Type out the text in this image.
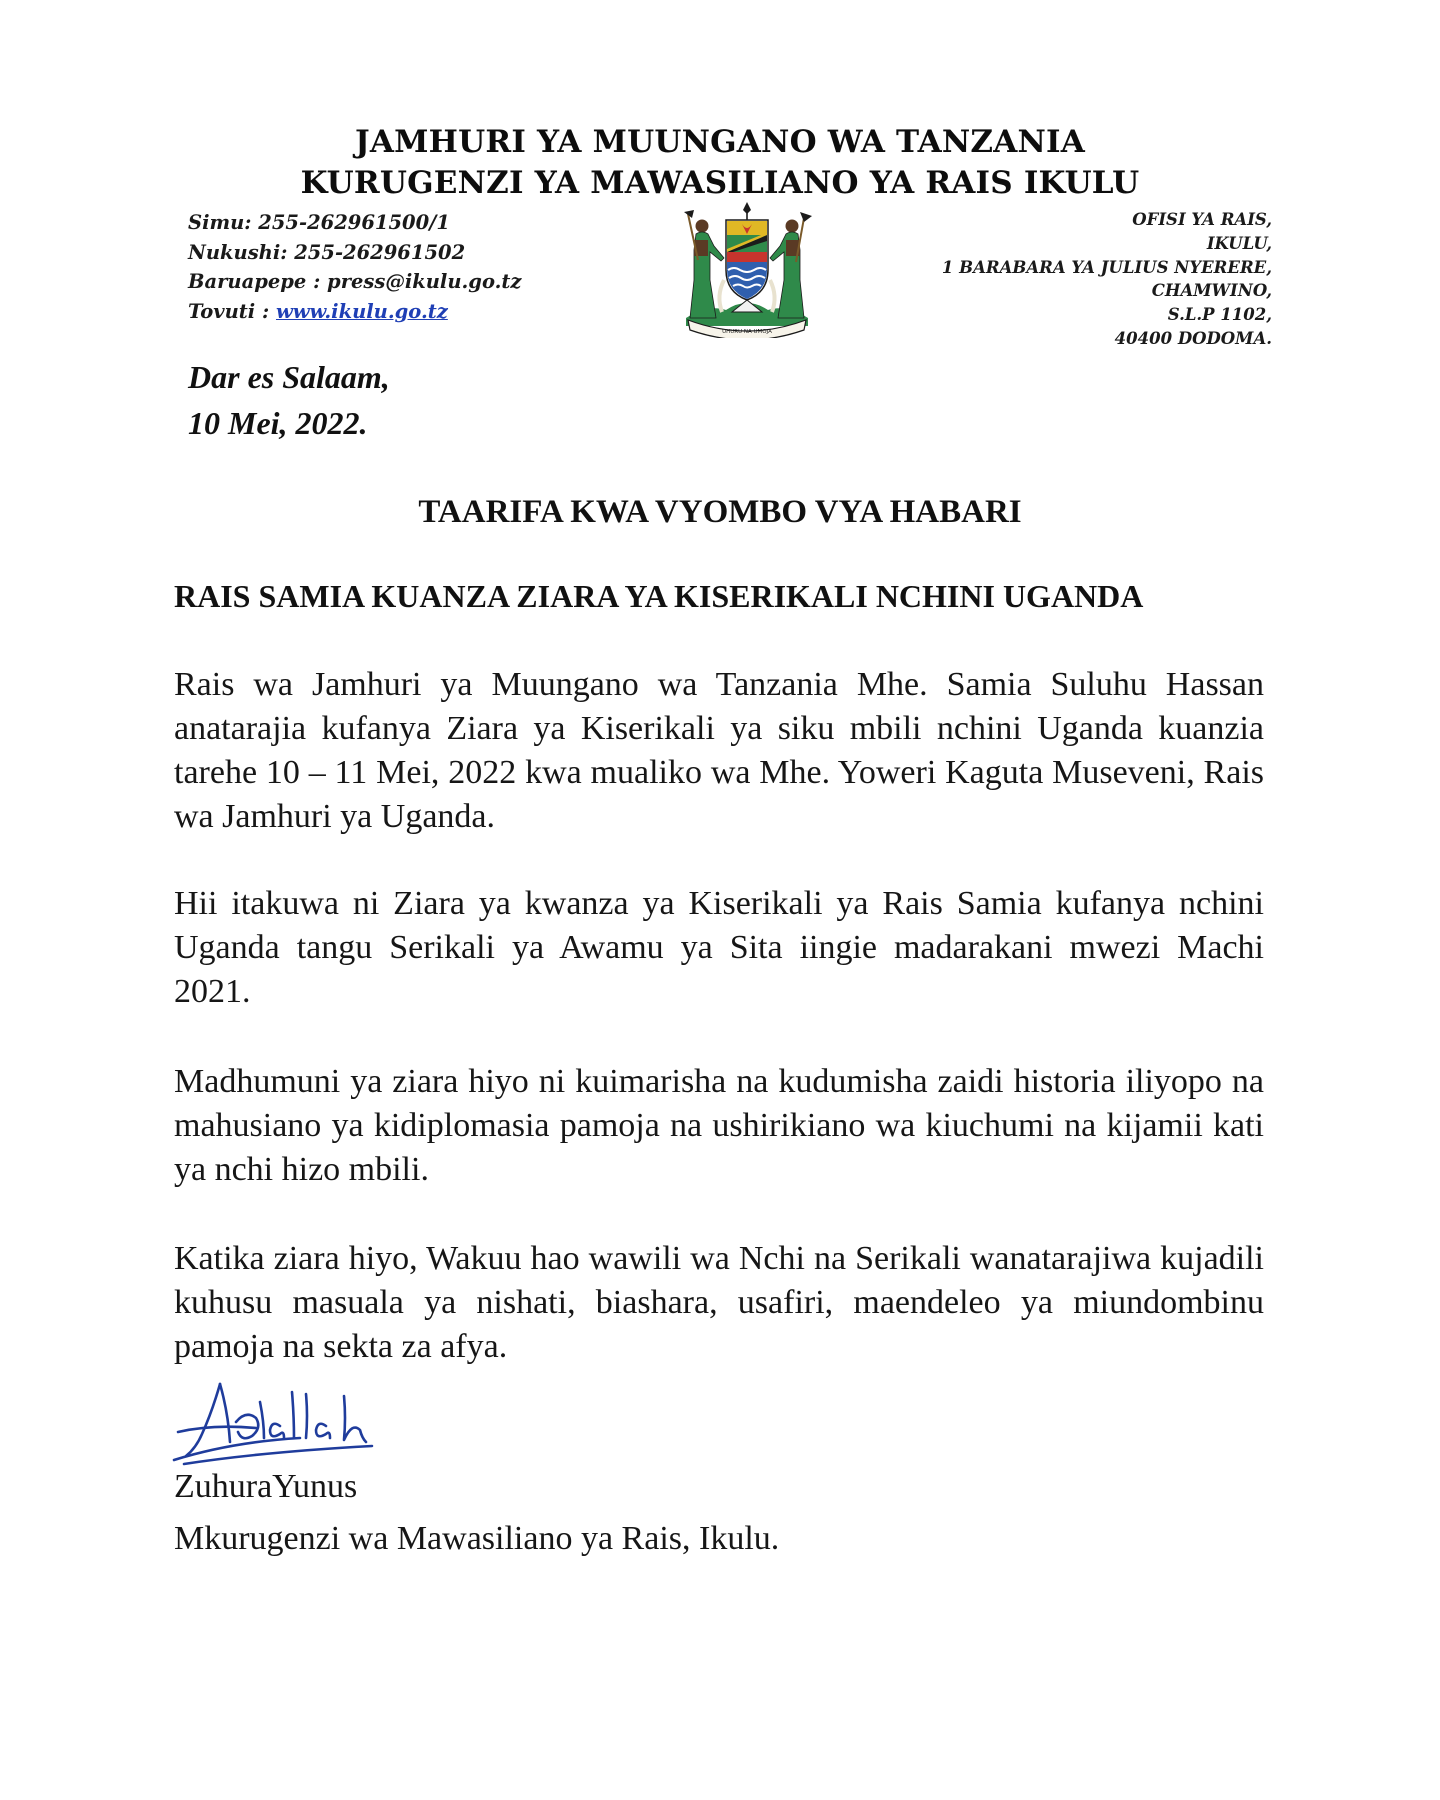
JAMHURI YA MUUNGANO WA TANZANIA
KURUGENZI YA MAWASILIANO YA RAIS IKULU
Simu: 255-262961500/1
Nukushi: 255-262961502
Baruapepe : press@ikulu.go.tz
Tovuti : www.ikulu.go.tz
UHURU NA UMOJA
OFISI YA RAIS,
IKULU,
1 BARABARA YA JULIUS NYERERE,
CHAMWINO,
S.L.P 1102,
40400 DODOMA.
Dar es Salaam,
10 Mei, 2022.
TAARIFA KWA VYOMBO VYA HABARI
RAIS SAMIA KUANZA ZIARA YA KISERIKALI NCHINI UGANDA
Rais wa Jamhuri ya Muungano wa Tanzania Mhe. Samia Suluhu Hassan anatarajia kufanya Ziara ya Kiserikali ya siku mbili nchini Uganda kuanzia tarehe 10 – 11 Mei, 2022 kwa mualiko wa Mhe. Yoweri Kaguta Museveni, Rais wa Jamhuri ya Uganda.
Hii itakuwa ni Ziara ya kwanza ya Kiserikali ya Rais Samia kufanya nchini Uganda tangu Serikali ya Awamu ya Sita iingie madarakani mwezi Machi 2021.
Madhumuni ya ziara hiyo ni kuimarisha na kudumisha zaidi historia iliyopo na mahusiano ya kidiplomasia pamoja na ushirikiano wa kiuchumi na kijamii kati ya nchi hizo mbili.
Katika ziara hiyo, Wakuu hao wawili wa Nchi na Serikali wanatarajiwa kujadili kuhusu masuala ya nishati, biashara, usafiri, maendeleo ya miundombinu pamoja na sekta za afya.
ZuhuraYunus
Mkurugenzi wa Mawasiliano ya Rais, Ikulu.
